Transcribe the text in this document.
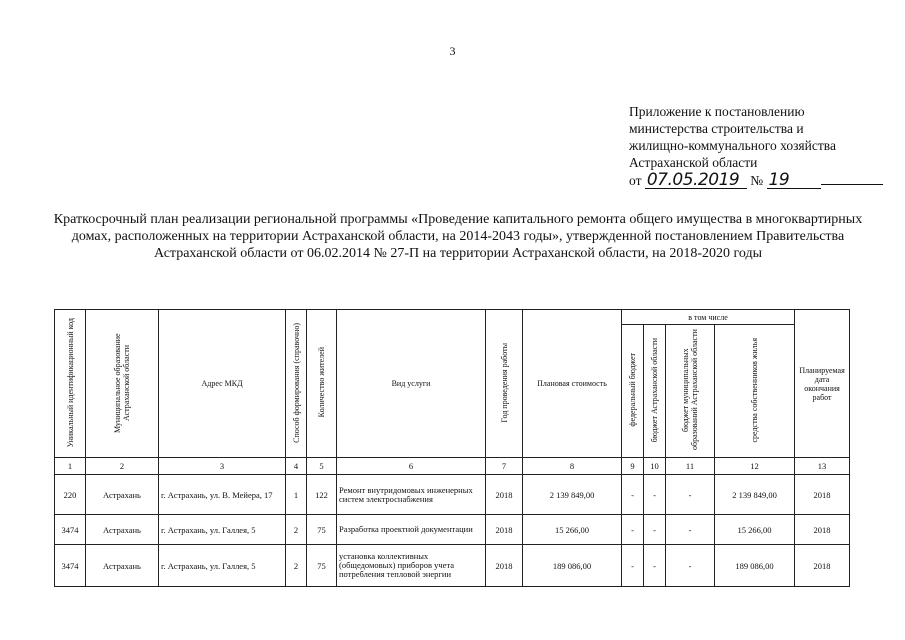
3
Приложение к постановлению
министерства строительства и
жилищно-коммунального хозяйства
Астраханской области
от 07.05.2019 № 19
Краткосрочный план реализации региональной программы «Проведение капитального ремонта общего имущества в многоквартирных домах, расположенных на территории Астраханской области, на 2014-2043 годы», утвержденной постановлением Правительства Астраханской области от 06.02.2014 № 27-П на территории Астраханской области, на 2018-2020 годы
Уникальный идентификационный код	Муниципальное образование Астраханской области	Адрес МКД	Способ формирования (справочно)	Количество жителей	Вид услуги	Год проведения работы	Плановая стоимость	в том числе				Планируемая дата окончания работ
								федеральный бюджет	бюджет Астраханской области	бюджет муниципальных образований Астраханской области	средства собственников жилья	
1	2	3	4	5	6	7	8	9	10	11	12	13
220	Астрахань	г. Астрахань, ул. В. Мейера, 17	1	122	Ремонт внутридомовых инженерных систем электроснабжения	2018	2 139 849,00	-	-	-	2 139 849,00	2018
3474	Астрахань	г. Астрахань, ул. Галлея, 5	2	75	Разработка проектной документации	2018	15 266,00	-	-	-	15 266,00	2018
3474	Астрахань	г. Астрахань, ул. Галлея, 5	2	75	установка коллективных (общедомовых) приборов учета потребления тепловой энергии	2018	189 086,00	-	-	-	189 086,00	2018
